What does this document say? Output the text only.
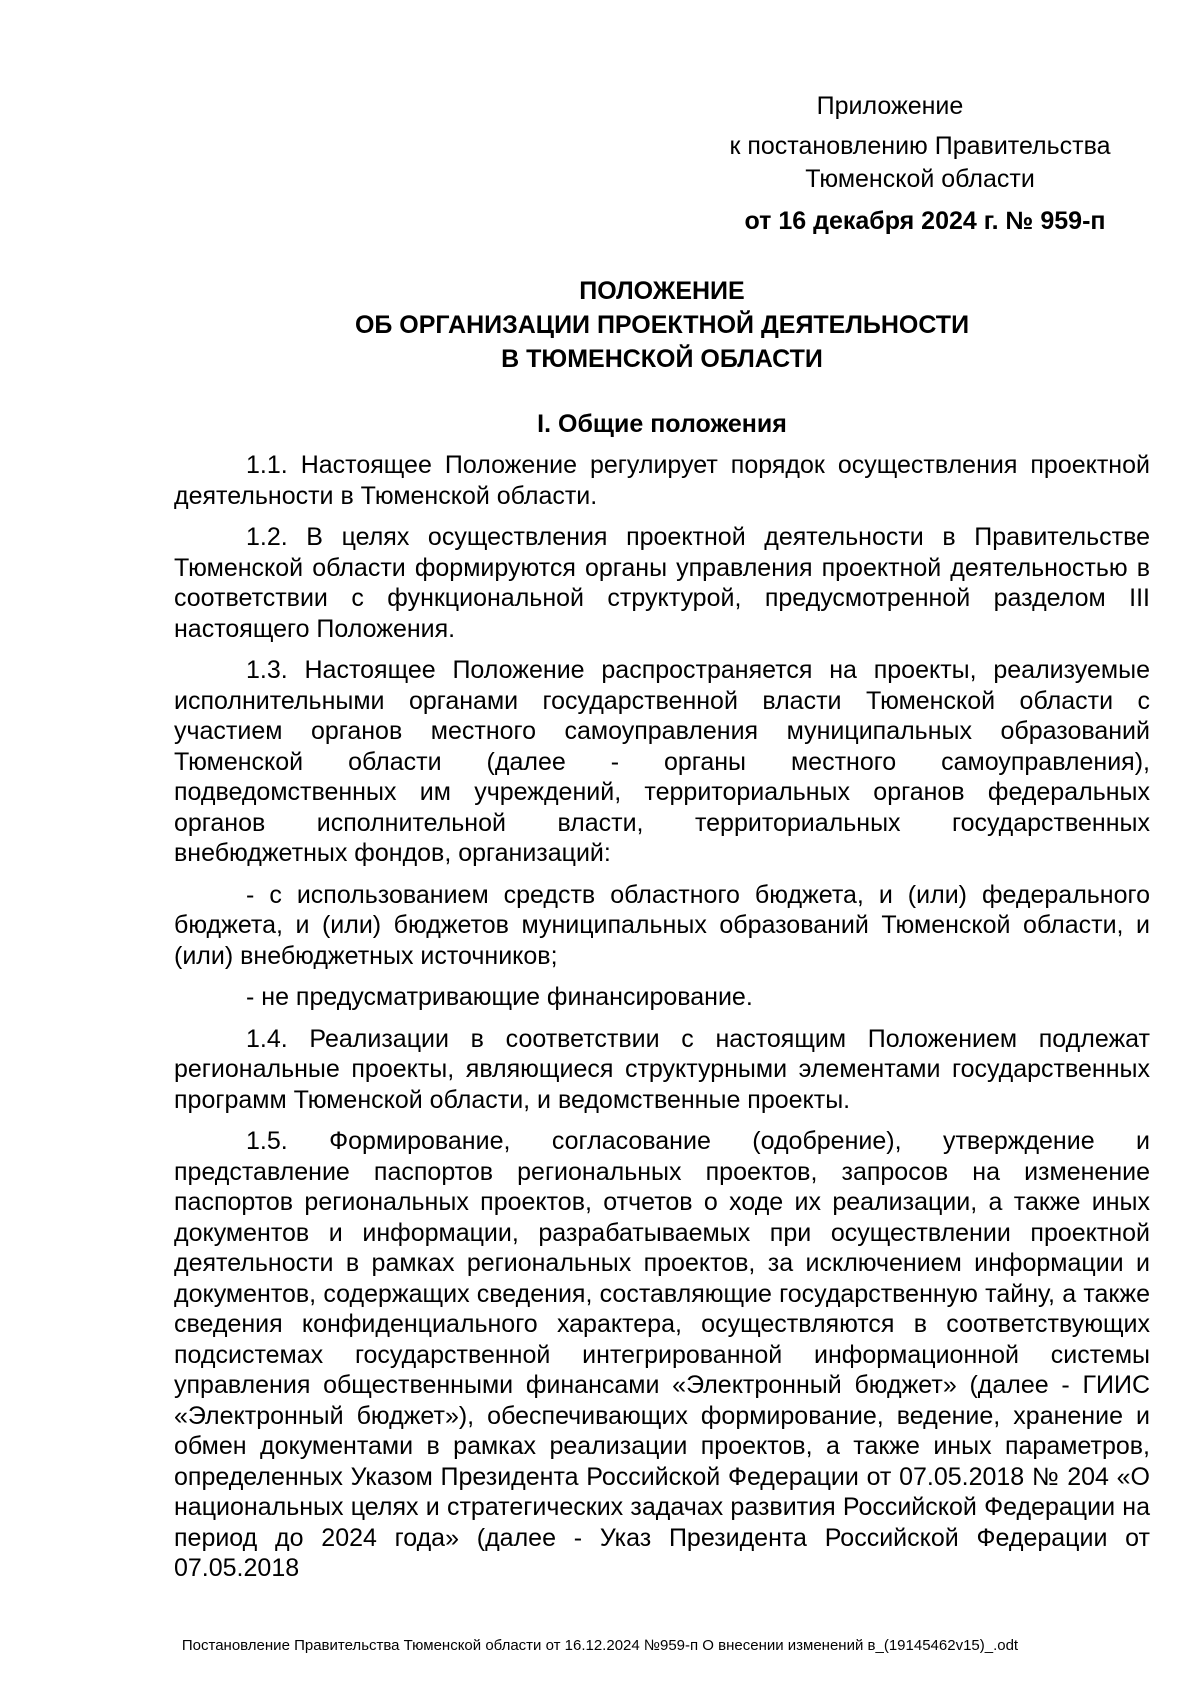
Приложение
к постановлению Правительства
Тюменской области
от 16 декабря 2024 г. № 959-п
ПОЛОЖЕНИЕ
ОБ ОРГАНИЗАЦИИ ПРОЕКТНОЙ ДЕЯТЕЛЬНОСТИ
В ТЮМЕНСКОЙ ОБЛАСТИ
I. Общие положения

1.1. Настоящее Положение регулирует порядок осуществления проектной деятельности в Тюменской области.

1.2. В целях осуществления проектной деятельности в Правительстве Тюменской области формируются органы управления проектной деятельностью в соответствии с функциональной структурой, предусмотренной разделом III настоящего Положения.

1.3. Настоящее Положение распространяется на проекты, реализуемые исполнительными органами государственной власти Тюменской области с участием органов местного самоуправления муниципальных образований Тюменской области (далее - органы местного самоуправления), подведомственных им учреждений, территориальных органов федеральных органов исполнительной власти, территориальных государственных внебюджетных фондов, организаций:

- с использованием средств областного бюджета, и (или) федерального бюджета, и (или) бюджетов муниципальных образований Тюменской области, и (или) внебюджетных источников;

- не предусматривающие финансирование.

1.4. Реализации в соответствии с настоящим Положением подлежат региональные проекты, являющиеся структурными элементами государственных программ Тюменской области, и ведомственные проекты.

1.5. Формирование, согласование (одобрение), утверждение и представление паспортов региональных проектов, запросов на изменение паспортов региональных проектов, отчетов о ходе их реализации, а также иных документов и информации, разрабатываемых при осуществлении проектной деятельности в рамках региональных проектов, за исключением информации и документов, содержащих сведения, составляющие государственную тайну, а также сведения конфиденциального характера, осуществляются в соответствующих подсистемах государственной интегрированной информационной системы управления общественными финансами «Электронный бюджет» (далее - ГИИС «Электронный бюджет»), обеспечивающих формирование, ведение, хранение и обмен документами в рамках реализации проектов, а также иных параметров, определенных Указом Президента Российской Федерации от 07.05.2018 № 204 «О национальных целях и стратегических задачах развития Российской Федерации на период до 2024 года» (далее - Указ Президента Российской Федерации от 07.05.2018

Постановление Правительства Тюменской области от 16.12.2024 №959-п О внесении изменений в_(19145462v15)_.odt
